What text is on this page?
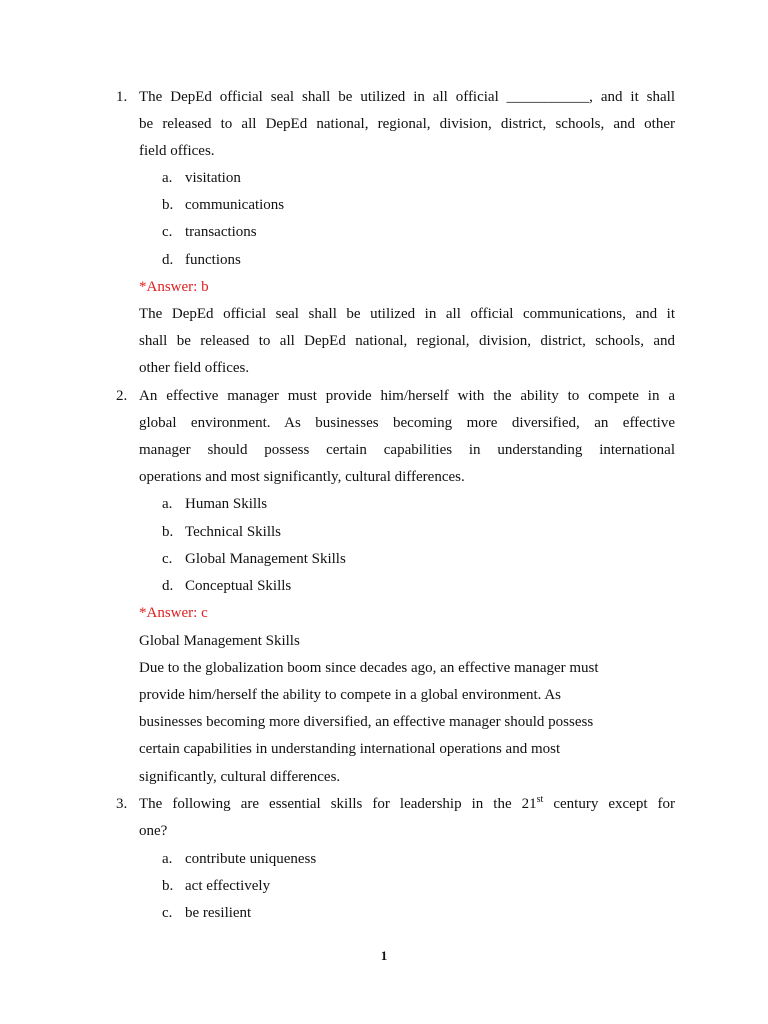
1. The DepEd official seal shall be utilized in all official ___________, and it shall
be released to all DepEd national, regional, division, district, schools, and other
field offices.
a. visitation
b. communications
c. transactions
d. functions
*Answer: b
The DepEd official seal shall be utilized in all official communications, and it
shall be released to all DepEd national, regional, division, district, schools, and
other field offices.
2. An effective manager must provide him/herself with the ability to compete in a
global environment. As businesses becoming more diversified, an effective
manager should possess certain capabilities in understanding international
operations and most significantly, cultural differences.
a. Human Skills
b. Technical Skills
c. Global Management Skills
d. Conceptual Skills
*Answer: c
Global Management Skills
Due to the globalization boom since decades ago, an effective manager must
provide him/herself the ability to compete in a global environment. As
businesses becoming more diversified, an effective manager should possess
certain capabilities in understanding international operations and most
significantly, cultural differences.
3. The following are essential skills for leadership in the 21st century except for
one?
a. contribute uniqueness
b. act effectively
c. be resilient
1
